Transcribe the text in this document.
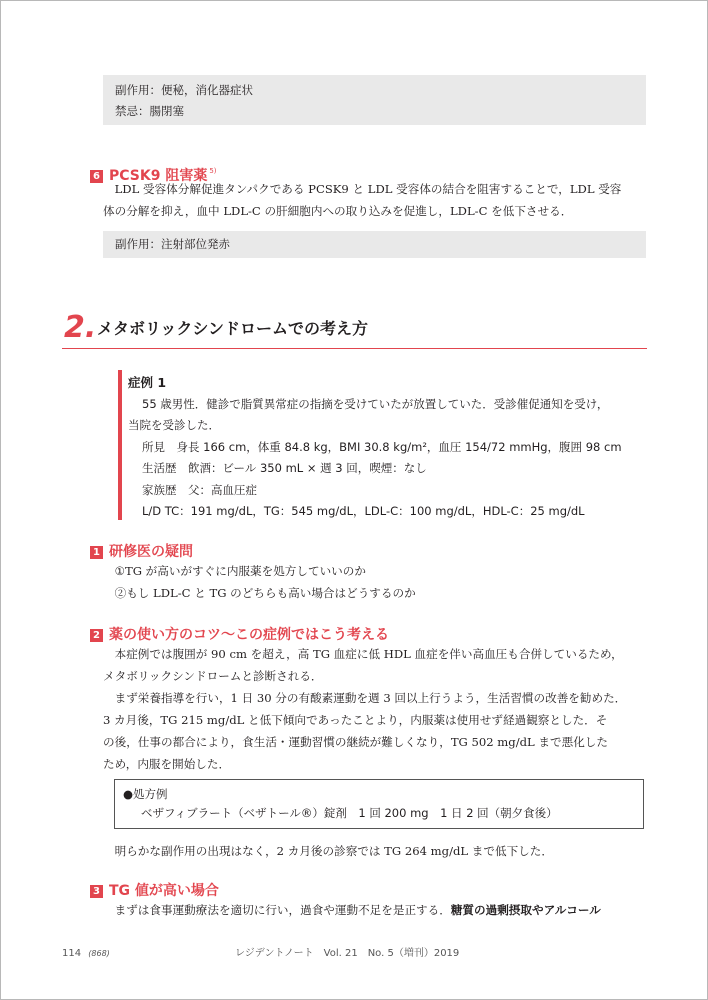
副作用：便秘，消化器症状
禁忌：腸閉塞
6 PCSK9 阻害薬 $^{5)}$

LDL 受容体分解促進タンパクである PCSK9 と LDL 受容体の結合を阻害することで，LDL 受容

体の分解を抑え，血中 LDL-C の肝細胞内への取り込みを促進し，LDL-C を低下させる．

副作用：注射部位発赤
2. メタボリックシンドロームでの考え方

症例 1

55 歳男性．健診で脂質異常症の指摘を受けていたが放置していた．受診催促通知を受け，

当院を受診した．

所見　身長 166 cm，体重 84.8 kg，BMI 30.8 kg/m²，血圧 154/72 mmHg，腹囲 98 cm

生活歴　飲酒：ビール 350 mL × 週 3 回，喫煙：なし

家族歴　父：高血圧症

L/D TC：191 mg/dL，TG：545 mg/dL，LDL-C：100 mg/dL，HDL-C：25 mg/dL

1 研修医の疑問

①TG が高いがすぐに内服薬を処方していいのか

②もし LDL-C と TG のどちらも高い場合はどうするのか

2 薬の使い方のコツ〜この症例ではこう考える

本症例では腹囲が 90 cm を超え，高 TG 血症に低 HDL 血症を伴い高血圧も合併しているため，

メタボリックシンドロームと診断される．

まず栄養指導を行い，1 日 30 分の有酸素運動を週 3 回以上行うよう，生活習慣の改善を勧めた．

3 カ月後，TG 215 mg/dL と低下傾向であったことより，内服薬は使用せず経過観察とした．そ

の後，仕事の都合により，食生活・運動習慣の継続が難しくなり，TG 502 mg/dL まで悪化した

ため，内服を開始した．

●処方例

ベザフィブラート（ベザトール®）錠剤　1 回 200 mg　1 日 2 回（朝夕食後）

明らかな副作用の出現はなく，2 カ月後の診察では TG 264 mg/dL まで低下した．

3 TG 値が高い場合

まずは食事運動療法を適切に行い，過食や運動不足を是正する．糖質の過剰摂取やアルコール

114 (868)	レジデントノート　Vol. 21　No. 5（増刊）2019
